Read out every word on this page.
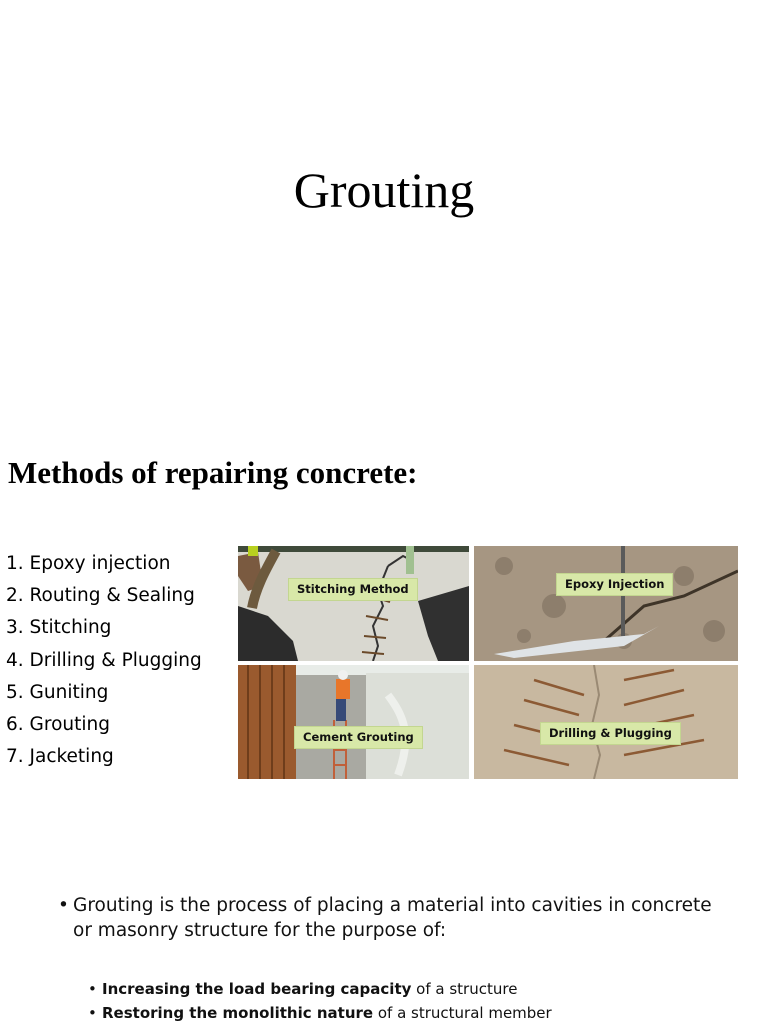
Grouting
Methods of repairing concrete:
1. Epoxy injection
2. Routing & Sealing
3. Stitching
4. Drilling & Plugging
5. Guniting
6. Grouting
7. Jacketing
Stitching Method	Epoxy Injection
Cement Grouting	Drilling & Plugging
• Grouting is the process of placing a material into cavities in concrete or masonry structure for the purpose of:
• Increasing the load bearing capacity of a structure
• Restoring the monolithic nature of a structural member
